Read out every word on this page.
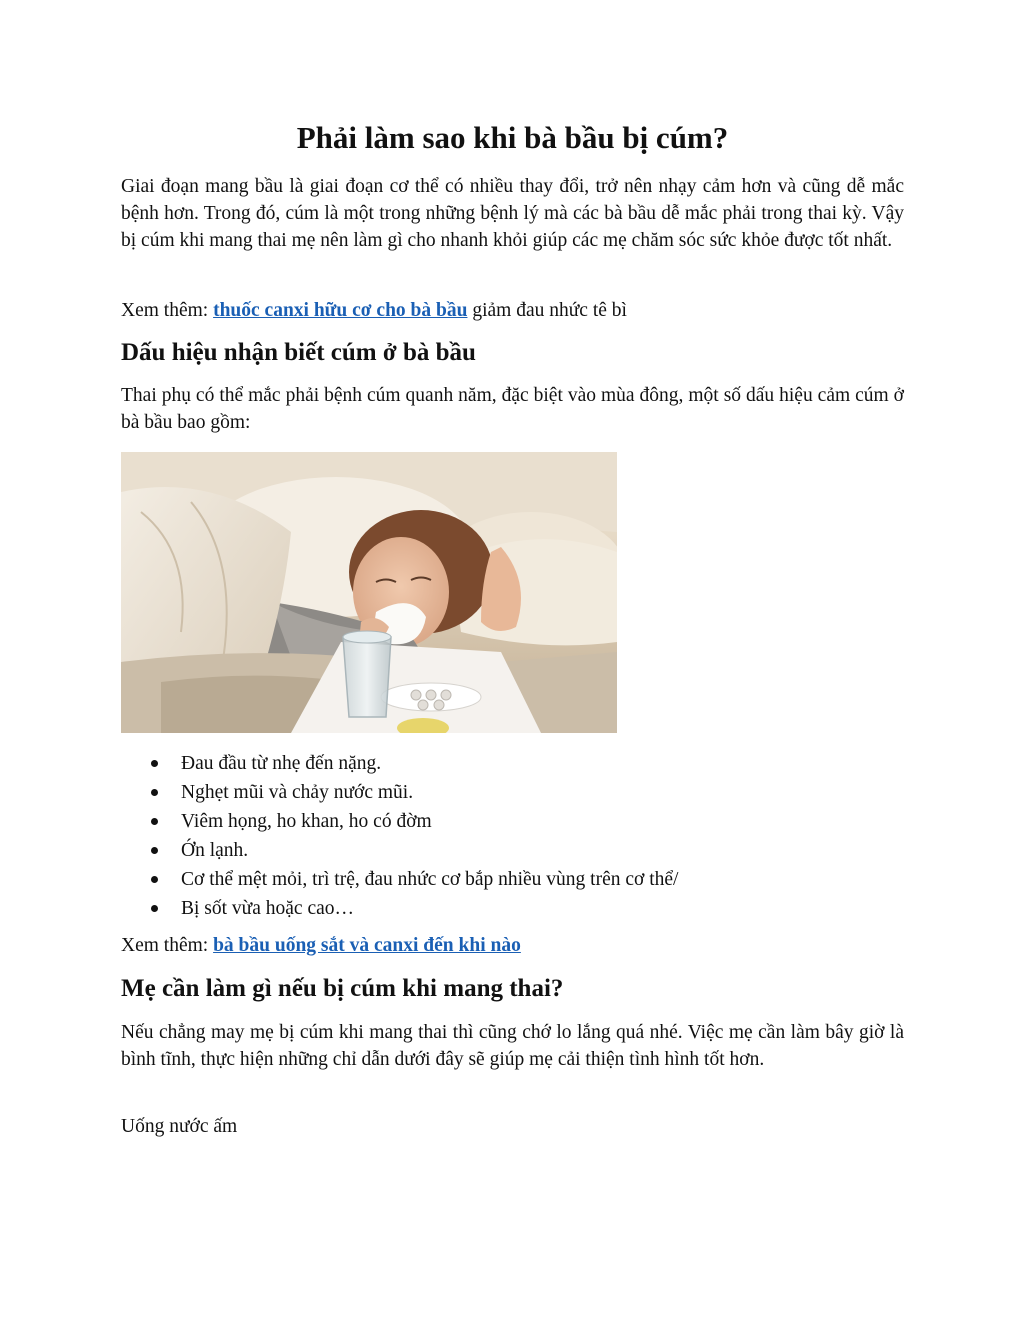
Phải làm sao khi bà bầu bị cúm?

Giai đoạn mang bầu là giai đoạn cơ thể có nhiều thay đổi, trở nên nhạy cảm hơn và cũng dễ mắc bệnh hơn. Trong đó, cúm là một trong những bệnh lý mà các bà bầu dễ mắc phải trong thai kỳ. Vậy bị cúm khi mang thai mẹ nên làm gì cho nhanh khỏi giúp các mẹ chăm sóc sức khỏe được tốt nhất.

Xem thêm: thuốc canxi hữu cơ cho bà bầu giảm đau nhức tê bì

Dấu hiệu nhận biết cúm ở bà bầu

Thai phụ có thể mắc phải bệnh cúm quanh năm, đặc biệt vào mùa đông, một số dấu hiệu cảm cúm ở bà bầu bao gồm:

Đau đầu từ nhẹ đến nặng.
Nghẹt mũi và chảy nước mũi.
Viêm họng, ho khan, ho có đờm
Ớn lạnh.
Cơ thể mệt mỏi, trì trệ, đau nhức cơ bắp nhiều vùng trên cơ thể/
Bị sốt vừa hoặc cao…

Xem thêm: bà bầu uống sắt và canxi đến khi nào

Mẹ cần làm gì nếu bị cúm khi mang thai?

Nếu chẳng may mẹ bị cúm khi mang thai thì cũng chớ lo lắng quá nhé. Việc mẹ cần làm bây giờ là bình tĩnh, thực hiện những chỉ dẫn dưới đây sẽ giúp mẹ cải thiện tình hình tốt hơn.

Uống nước ấm
